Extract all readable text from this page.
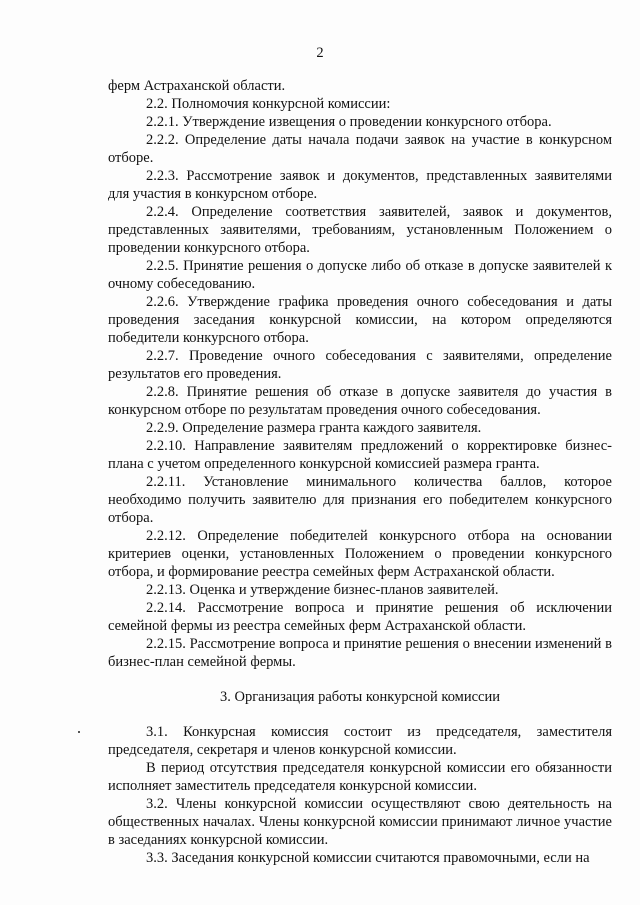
2

ферм Астраханской области.

2.2. Полномочия конкурсной комиссии:

2.2.1. Утверждение извещения о проведении конкурсного отбора.

2.2.2. Определение даты начала подачи заявок на участие в конкурсном отборе.

2.2.3. Рассмотрение заявок и документов, представленных заявителями для участия в конкурсном отборе.

2.2.4. Определение соответствия заявителей, заявок и документов, представленных заявителями, требованиям, установленным Положением о проведении конкурсного отбора.

2.2.5. Принятие решения о допуске либо об отказе в допуске заявителей к очному собеседованию.

2.2.6. Утверждение графика проведения очного собеседования и даты проведения заседания конкурсной комиссии, на котором определяются победители конкурсного отбора.

2.2.7. Проведение очного собеседования с заявителями, определение результатов его проведения.

2.2.8. Принятие решения об отказе в допуске заявителя до участия в конкурсном отборе по результатам проведения очного собеседования.

2.2.9. Определение размера гранта каждого заявителя.

2.2.10. Направление заявителям предложений о корректировке бизнес-плана с учетом определенного конкурсной комиссией размера гранта.

2.2.11. Установление минимального количества баллов, которое необходимо получить заявителю для признания его победителем конкурсного отбора.

2.2.12. Определение победителей конкурсного отбора на основании критериев оценки, установленных Положением о проведении конкурсного отбора, и формирование реестра семейных ферм Астраханской области.

2.2.13. Оценка и утверждение бизнес-планов заявителей.

2.2.14. Рассмотрение вопроса и принятие решения об исключении семейной фермы из реестра семейных ферм Астраханской области.

2.2.15. Рассмотрение вопроса и принятие решения о внесении изменений в бизнес-план семейной фермы.

3. Организация работы конкурсной комиссии

3.1. Конкурсная комиссия состоит из председателя, заместителя председателя, секретаря и членов конкурсной комиссии.

В период отсутствия председателя конкурсной комиссии его обязанности исполняет заместитель председателя конкурсной комиссии.

3.2. Члены конкурсной комиссии осуществляют свою деятельность на общественных началах. Члены конкурсной комиссии принимают личное участие в заседаниях конкурсной комиссии.

3.3. Заседания конкурсной комиссии считаются правомочными, если на
